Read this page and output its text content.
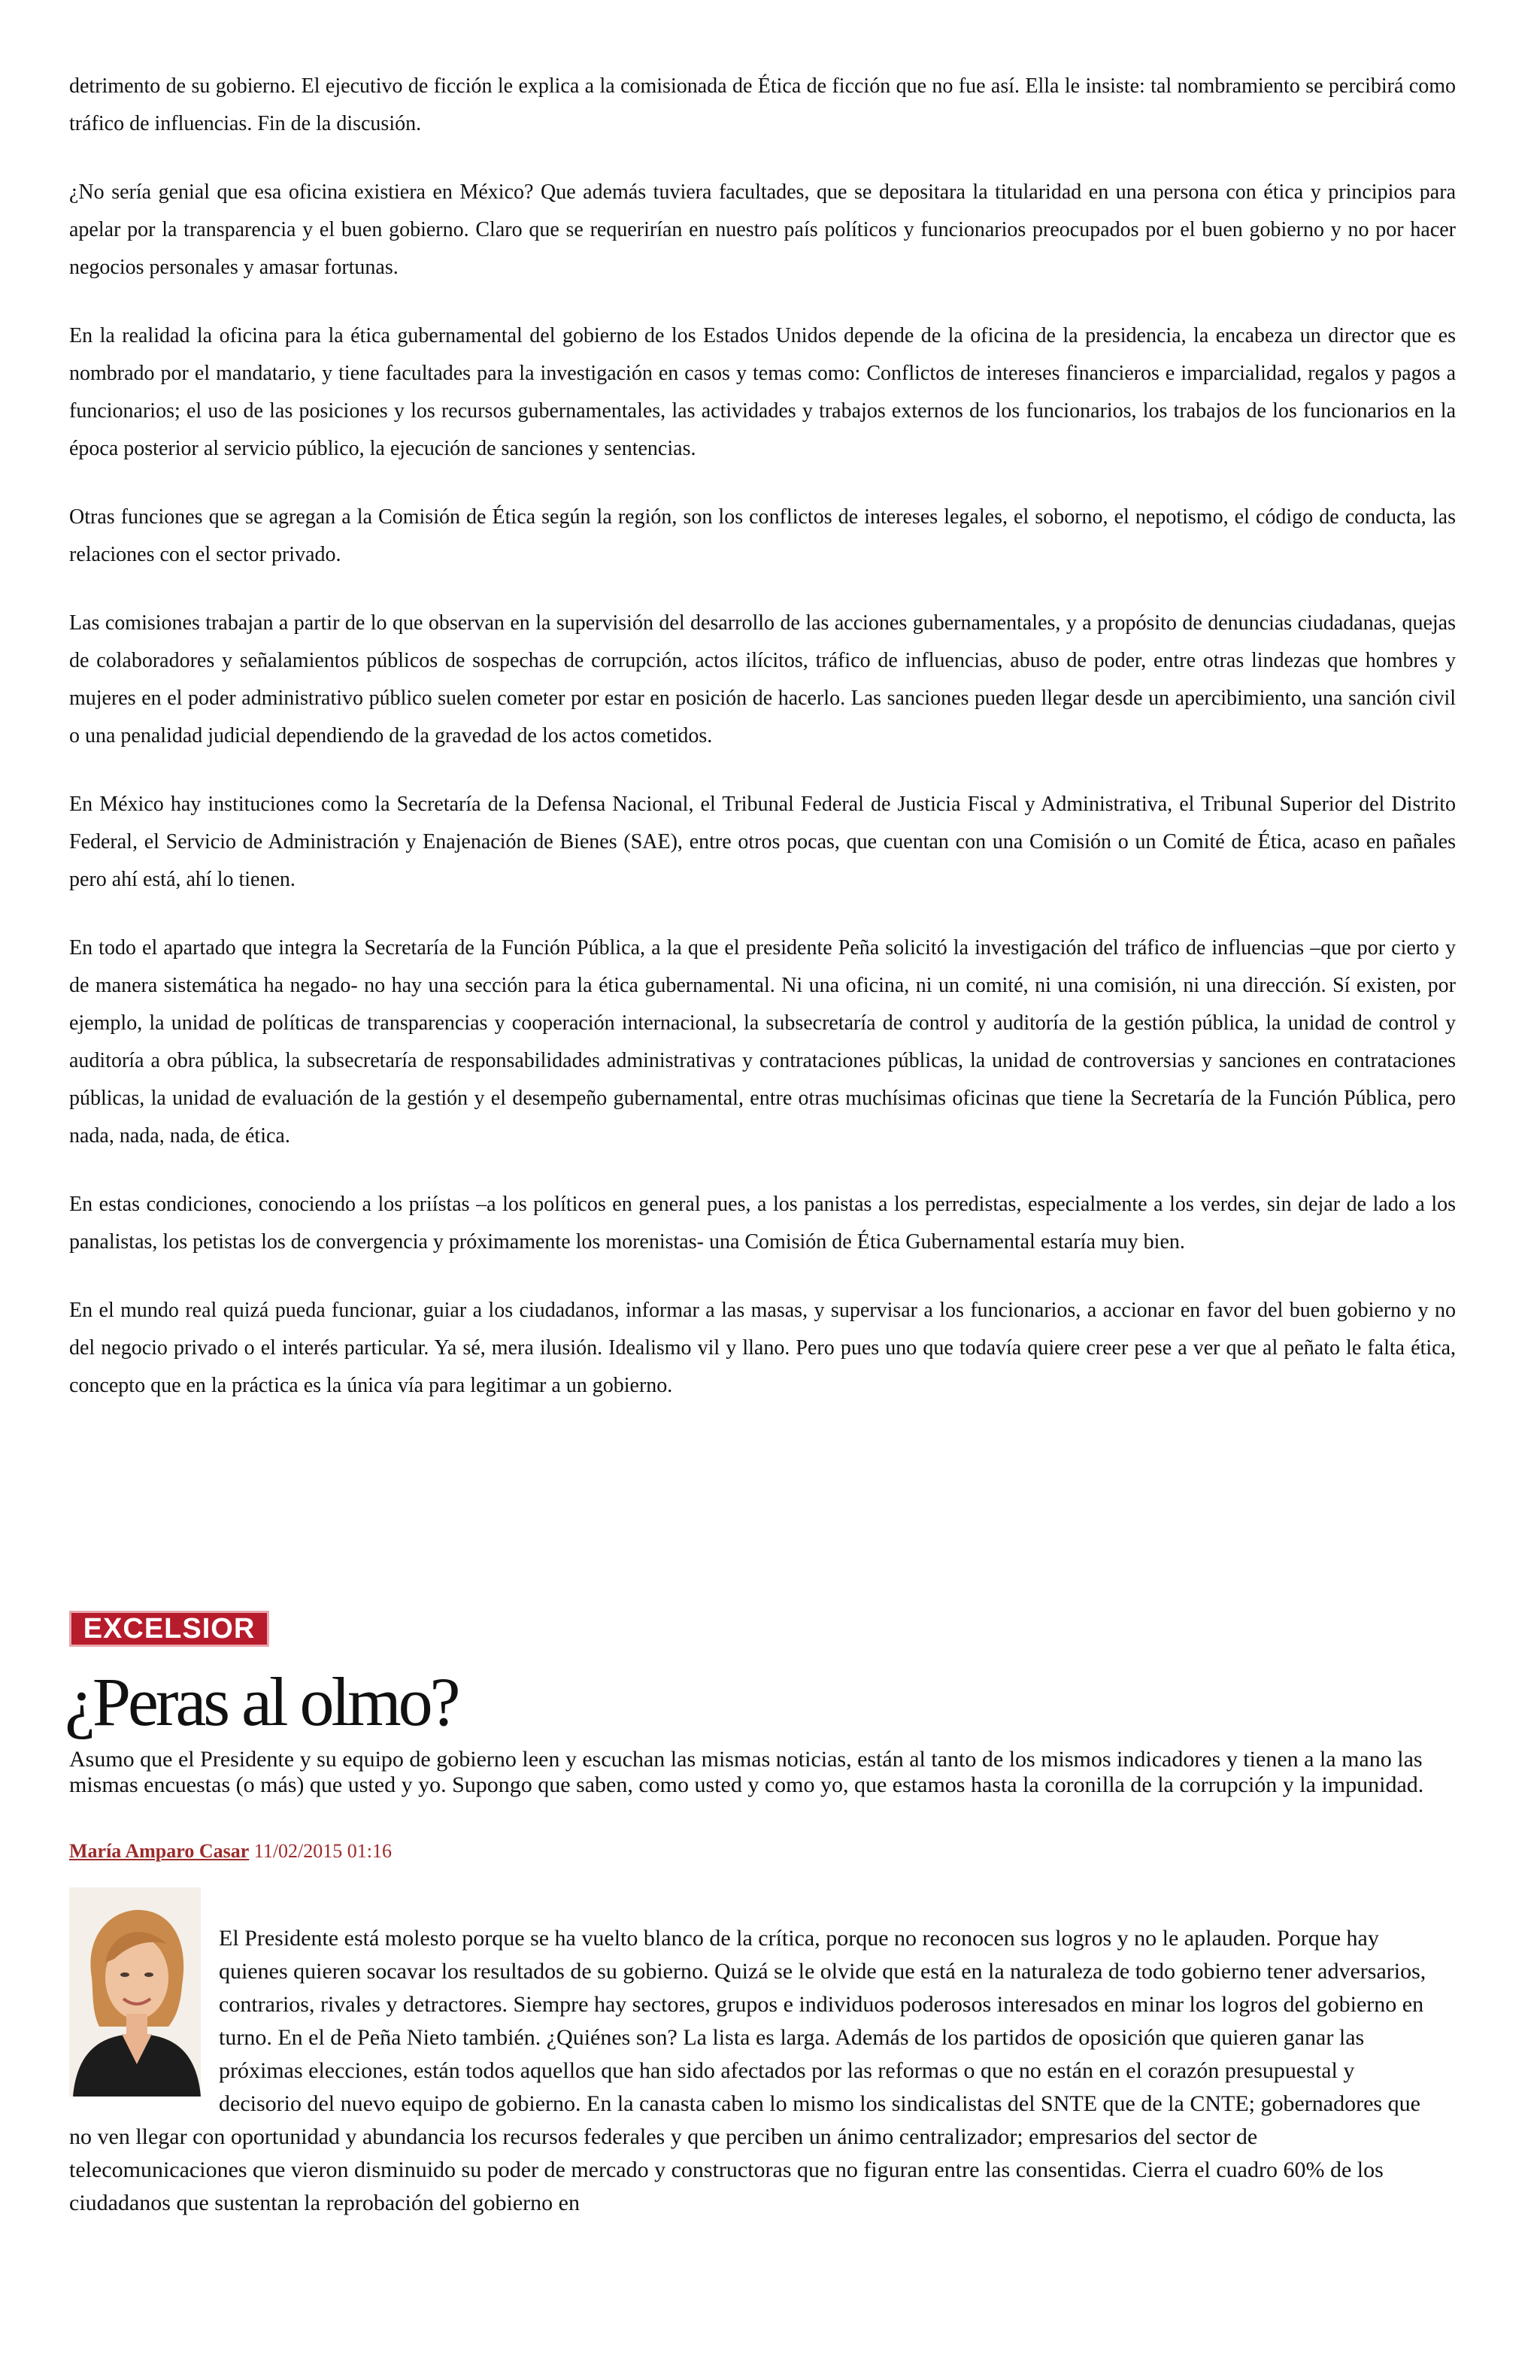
detrimento de su gobierno. El ejecutivo de ficción le explica a la comisionada de Ética de ficción que no fue así. Ella le insiste: tal nombramiento se percibirá como tráfico de influencias. Fin de la discusión.

¿No sería genial que esa oficina existiera en México? Que además tuviera facultades, que se depositara la titularidad en una persona con ética y principios para apelar por la transparencia y el buen gobierno. Claro que se requerirían en nuestro país políticos y funcionarios preocupados por el buen gobierno y no por hacer negocios personales y amasar fortunas.

En la realidad la oficina para la ética gubernamental del gobierno de los Estados Unidos depende de la oficina de la presidencia, la encabeza un director que es nombrado por el mandatario, y tiene facultades para la investigación en casos y temas como: Conflictos de intereses financieros e imparcialidad, regalos y pagos a funcionarios; el uso de las posiciones y los recursos gubernamentales, las actividades y trabajos externos de los funcionarios, los trabajos de los funcionarios en la época posterior al servicio público, la ejecución de sanciones y sentencias.

Otras funciones que se agregan a la Comisión de Ética según la región, son los conflictos de intereses legales, el soborno, el nepotismo, el código de conducta, las relaciones con el sector privado.

Las comisiones trabajan a partir de lo que observan en la supervisión del desarrollo de las acciones gubernamentales, y a propósito de denuncias ciudadanas, quejas de colaboradores y señalamientos públicos de sospechas de corrupción, actos ilícitos, tráfico de influencias, abuso de poder, entre otras lindezas que hombres y mujeres en el poder administrativo público suelen cometer por estar en posición de hacerlo. Las sanciones pueden llegar desde un apercibimiento, una sanción civil o una penalidad judicial dependiendo de la gravedad de los actos cometidos.

En México hay instituciones como la Secretaría de la Defensa Nacional, el Tribunal Federal de Justicia Fiscal y Administrativa, el Tribunal Superior del Distrito Federal, el Servicio de Administración y Enajenación de Bienes (SAE), entre otros pocas, que cuentan con una Comisión o un Comité de Ética, acaso en pañales pero ahí está, ahí lo tienen.

En todo el apartado que integra la Secretaría de la Función Pública, a la que el presidente Peña solicitó la investigación del tráfico de influencias –que por cierto y de manera sistemática ha negado- no hay una sección para la ética gubernamental. Ni una oficina, ni un comité, ni una comisión, ni una dirección. Sí existen, por ejemplo, la unidad de políticas de transparencias y cooperación internacional, la subsecretaría de control y auditoría de la gestión pública, la unidad de control y auditoría a obra pública, la subsecretaría de responsabilidades administrativas y contrataciones públicas, la unidad de controversias y sanciones en contrataciones públicas, la unidad de evaluación de la gestión y el desempeño gubernamental, entre otras muchísimas oficinas que tiene la Secretaría de la Función Pública, pero nada, nada, nada, de ética.

En estas condiciones, conociendo a los priístas –a los políticos en general pues, a los panistas a los perredistas, especialmente a los verdes, sin dejar de lado a los panalistas, los petistas los de convergencia y próximamente los morenistas- una Comisión de Ética Gubernamental estaría muy bien.

En el mundo real quizá pueda funcionar, guiar a los ciudadanos, informar a las masas, y supervisar a los funcionarios, a accionar en favor del buen gobierno y no del negocio privado o el interés particular. Ya sé, mera ilusión. Idealismo vil y llano. Pero pues uno que todavía quiere creer pese a ver que al peñato le falta ética, concepto que en la práctica es la única vía para legitimar a un gobierno.

EXCELSIOR
¿Peras al olmo?

Asumo que el Presidente y su equipo de gobierno leen y escuchan las mismas noticias, están al tanto de los mismos indicadores y tienen a la mano las mismas encuestas (o más) que usted y yo. Supongo que saben, como usted y como yo, que estamos hasta la coronilla de la corrupción y la impunidad.

María Amparo Casar 11/02/2015 01:16

El Presidente está molesto porque se ha vuelto blanco de la crítica, porque no reconocen sus logros y no le aplauden. Porque hay quienes quieren socavar los resultados de su gobierno. Quizá se le olvide que está en la naturaleza de todo gobierno tener adversarios, contrarios, rivales y detractores. Siempre hay sectores, grupos e individuos poderosos interesados en minar los logros del gobierno en turno. En el de Peña Nieto también. ¿Quiénes son? La lista es larga. Además de los partidos de oposición que quieren ganar las próximas elecciones, están todos aquellos que han sido afectados por las reformas o que no están en el corazón presupuestal y decisorio del nuevo equipo de gobierno. En la canasta caben lo mismo los sindicalistas del SNTE que de la CNTE; gobernadores que no ven llegar con oportunidad y abundancia los recursos federales y que perciben un ánimo centralizador; empresarios del sector de telecomunicaciones que vieron disminuido su poder de mercado y constructoras que no figuran entre las consentidas. Cierra el cuadro 60% de los ciudadanos que sustentan la reprobación del gobierno en
